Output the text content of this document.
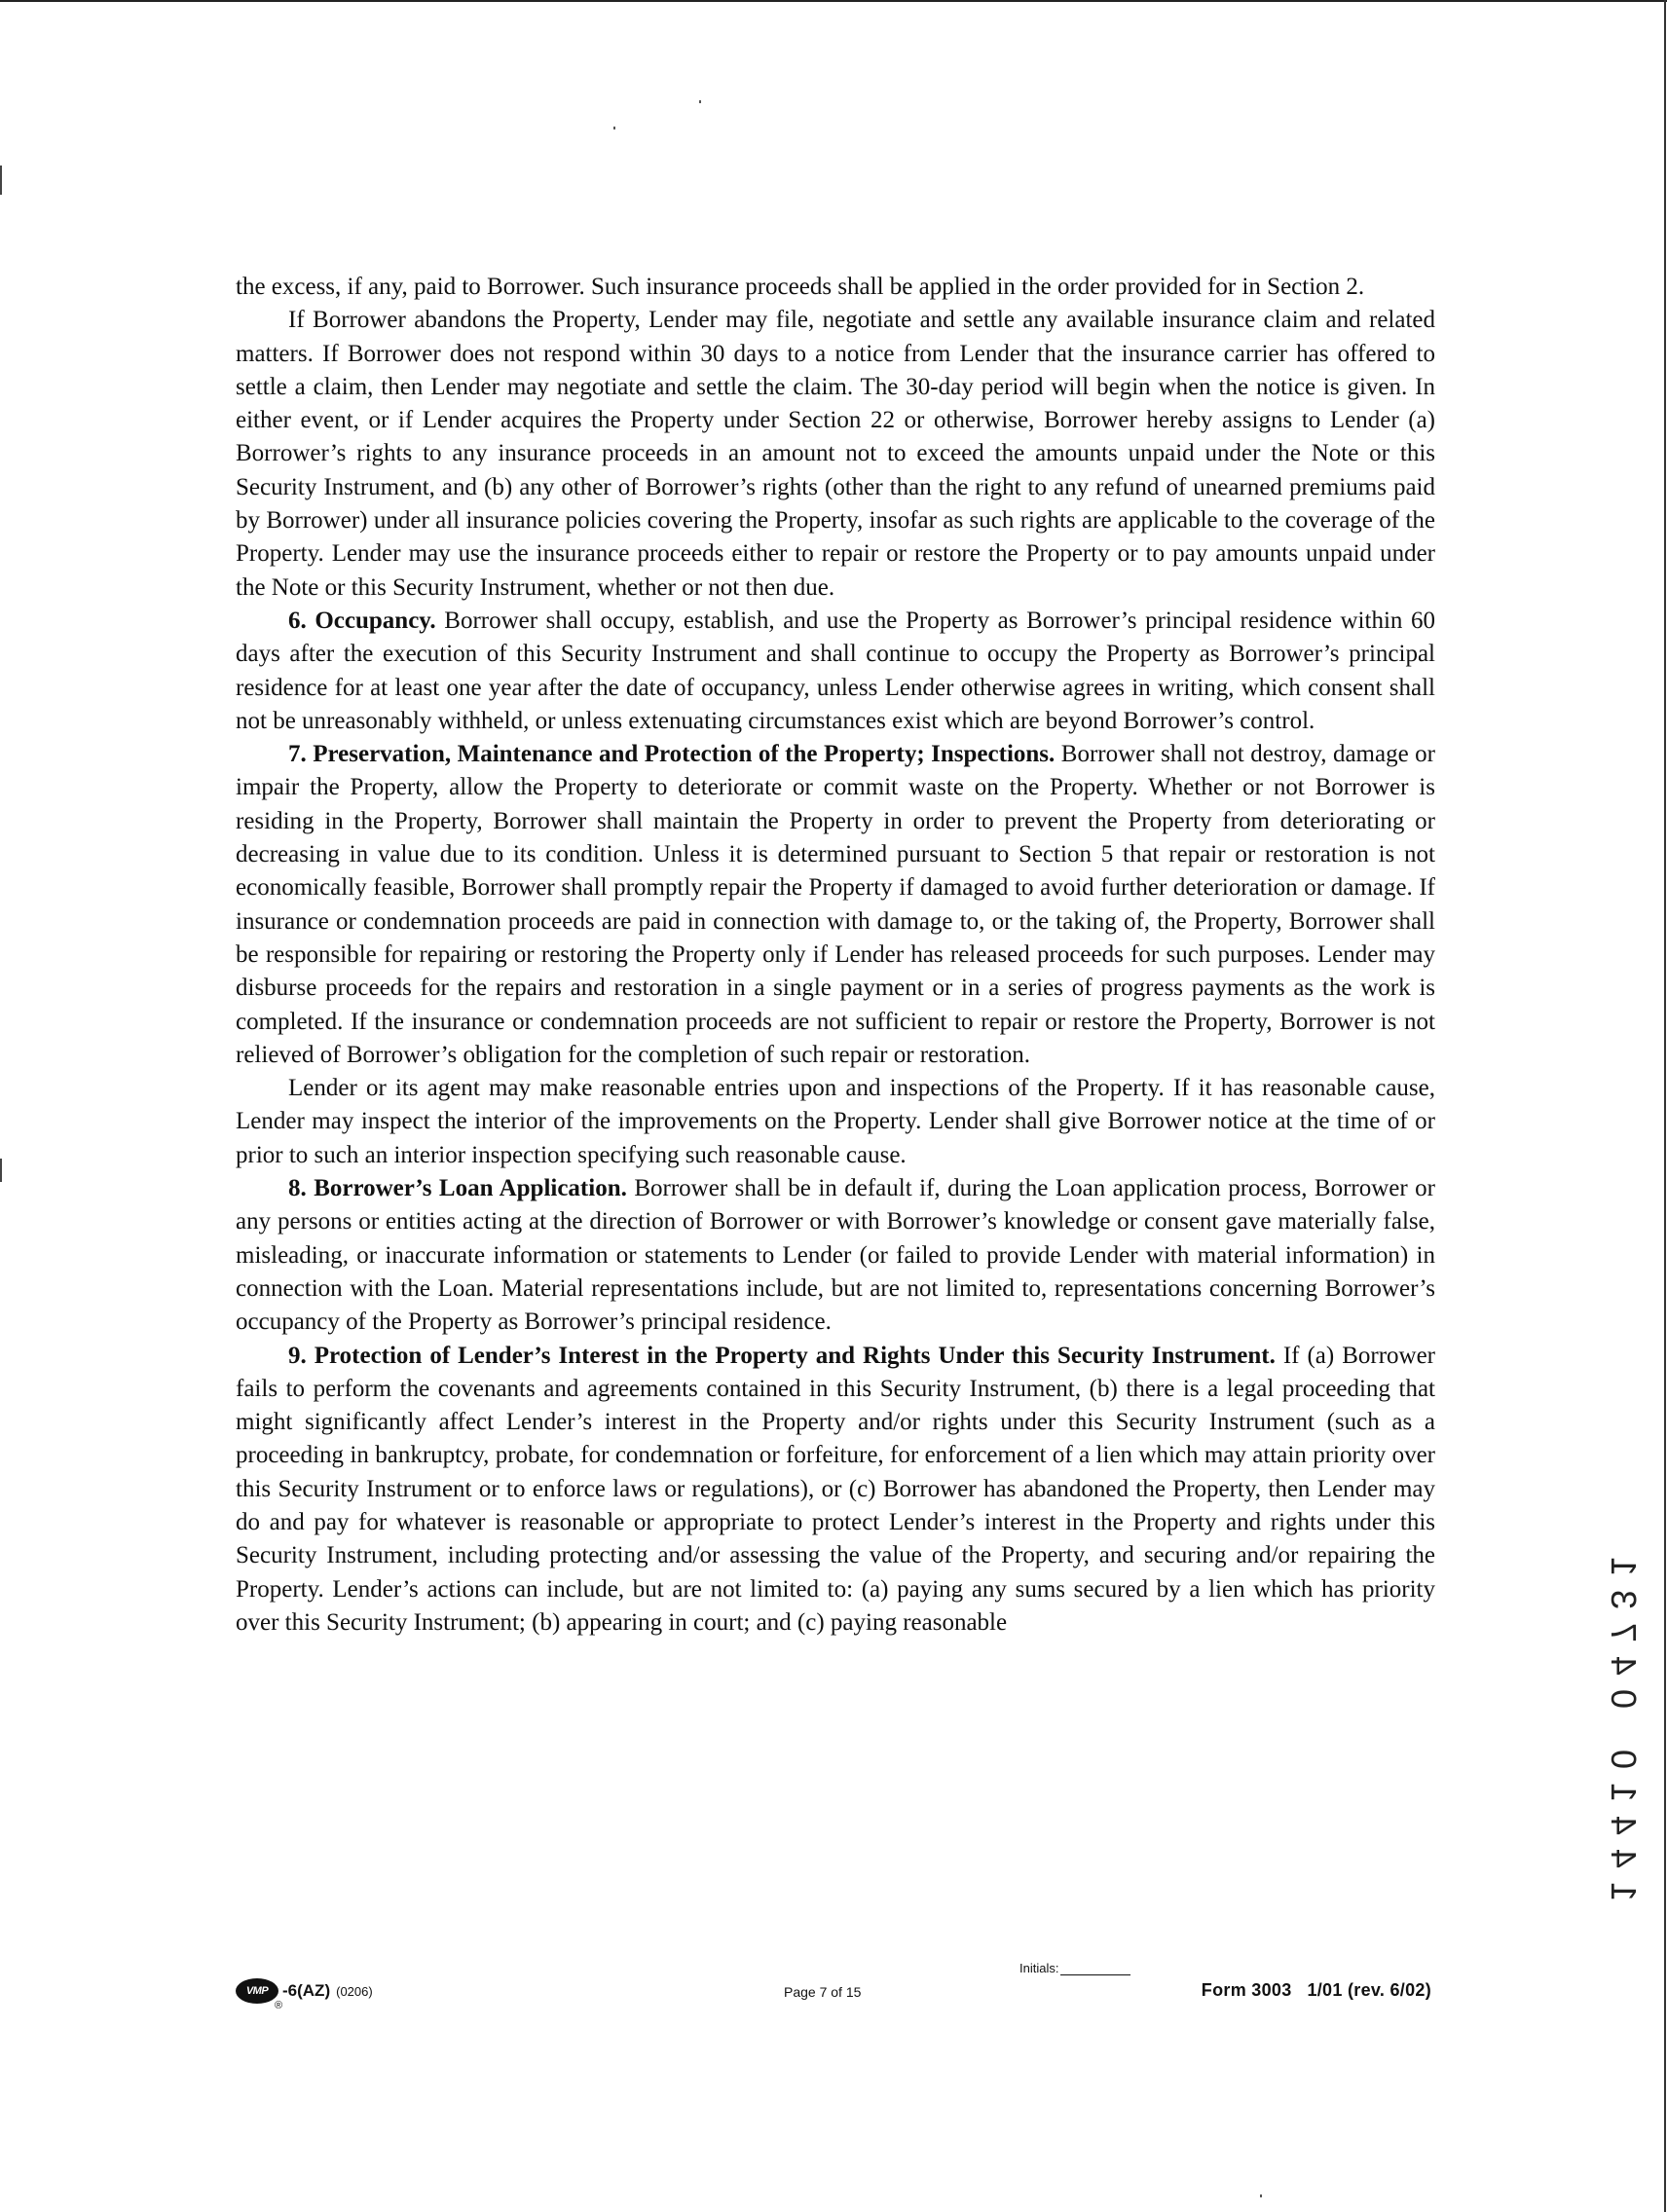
the excess, if any, paid to Borrower. Such insurance proceeds shall be applied in the order provided for in Section 2.

If Borrower abandons the Property, Lender may file, negotiate and settle any available insurance claim and related matters. If Borrower does not respond within 30 days to a notice from Lender that the insurance carrier has offered to settle a claim, then Lender may negotiate and settle the claim. The 30-day period will begin when the notice is given. In either event, or if Lender acquires the Property under Section 22 or otherwise, Borrower hereby assigns to Lender (a) Borrower’s rights to any insurance proceeds in an amount not to exceed the amounts unpaid under the Note or this Security Instrument, and (b) any other of Borrower’s rights (other than the right to any refund of unearned premiums paid by Borrower) under all insurance policies covering the Property, insofar as such rights are applicable to the coverage of the Property. Lender may use the insurance proceeds either to repair or restore the Property or to pay amounts unpaid under the Note or this Security Instrument, whether or not then due.

6. Occupancy. Borrower shall occupy, establish, and use the Property as Borrower’s principal residence within 60 days after the execution of this Security Instrument and shall continue to occupy the Property as Borrower’s principal residence for at least one year after the date of occupancy, unless Lender otherwise agrees in writing, which consent shall not be unreasonably withheld, or unless extenuating circumstances exist which are beyond Borrower’s control.

7. Preservation, Maintenance and Protection of the Property; Inspections. Borrower shall not destroy, damage or impair the Property, allow the Property to deteriorate or commit waste on the Property. Whether or not Borrower is residing in the Property, Borrower shall maintain the Property in order to prevent the Property from deteriorating or decreasing in value due to its condition. Unless it is determined pursuant to Section 5 that repair or restoration is not economically feasible, Borrower shall promptly repair the Property if damaged to avoid further deterioration or damage. If insurance or condemnation proceeds are paid in connection with damage to, or the taking of, the Property, Borrower shall be responsible for repairing or restoring the Property only if Lender has released proceeds for such purposes. Lender may disburse proceeds for the repairs and restoration in a single payment or in a series of progress payments as the work is completed. If the insurance or condemnation proceeds are not sufficient to repair or restore the Property, Borrower is not relieved of Borrower’s obligation for the completion of such repair or restoration.

Lender or its agent may make reasonable entries upon and inspections of the Property. If it has reasonable cause, Lender may inspect the interior of the improvements on the Property. Lender shall give Borrower notice at the time of or prior to such an interior inspection specifying such reasonable cause.

8. Borrower’s Loan Application. Borrower shall be in default if, during the Loan application process, Borrower or any persons or entities acting at the direction of Borrower or with Borrower’s knowledge or consent gave materially false, misleading, or inaccurate information or statements to Lender (or failed to provide Lender with material information) in connection with the Loan. Material representations include, but are not limited to, representations concerning Borrower’s occupancy of the Property as Borrower’s principal residence.

9. Protection of Lender’s Interest in the Property and Rights Under this Security Instrument. If (a) Borrower fails to perform the covenants and agreements contained in this Security Instrument, (b) there is a legal proceeding that might significantly affect Lender’s interest in the Property and/or rights under this Security Instrument (such as a proceeding in bankruptcy, probate, for condemnation or forfeiture, for enforcement of a lien which may attain priority over this Security Instrument or to enforce laws or regulations), or (c) Borrower has abandoned the Property, then Lender may do and pay for whatever is reasonable or appropriate to protect Lender’s interest in the Property and rights under this Security Instrument, including protecting and/or assessing the value of the Property, and securing and/or repairing the Property. Lender’s actions can include, but are not limited to: (a) paying any sums secured by a lien which has priority over this Security Instrument; (b) appearing in court; and (c) paying reasonable

1
3
7
4
0
0
1
4
4
1
VMP
®
-6(AZ) (0206)	Page 7 of 15
Initials:
Form 3003   1/01 (rev. 6/02)
